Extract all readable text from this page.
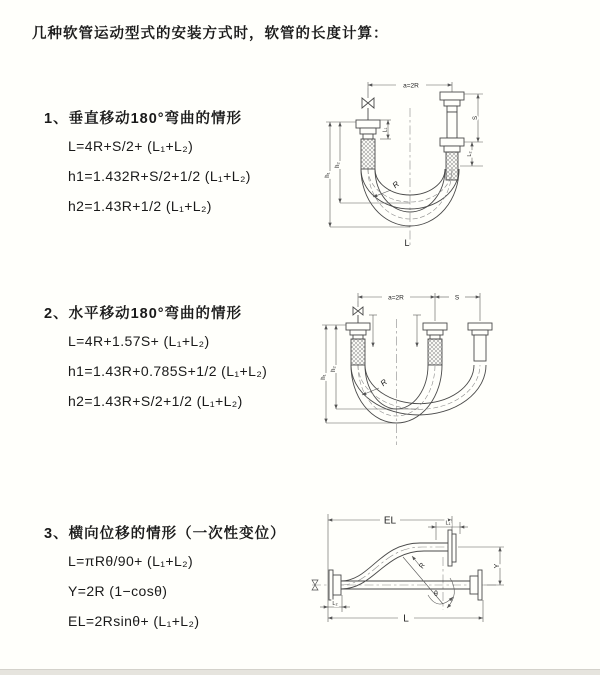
几种软管运动型式的安装方式时，软管的长度计算：
1、垂直移动180°弯曲的情形
L=4R+S/2+ (L₁+L₂)
h1=1.432R+S/2+1/2 (L₁+L₂)
h2=1.43R+1/2 (L₁+L₂)
a=2R
L₁
S
L₂
h₁
h₂
R
L
2、水平移动180°弯曲的情形
L=4R+1.57S+ (L₁+L₂)
h1=1.43R+0.785S+1/2 (L₁+L₂)
h2=1.43R+S/2+1/2 (L₁+L₂)
a=2R	S
h₁
h₂
R
3、横向位移的情形（一次性变位）
L=πRθ/90+ (L₁+L₂)
Y=2R (1−cosθ)
EL=2Rsinθ+ (L₁+L₂)
θ
R
EL	L₁
Y
L₂
L
